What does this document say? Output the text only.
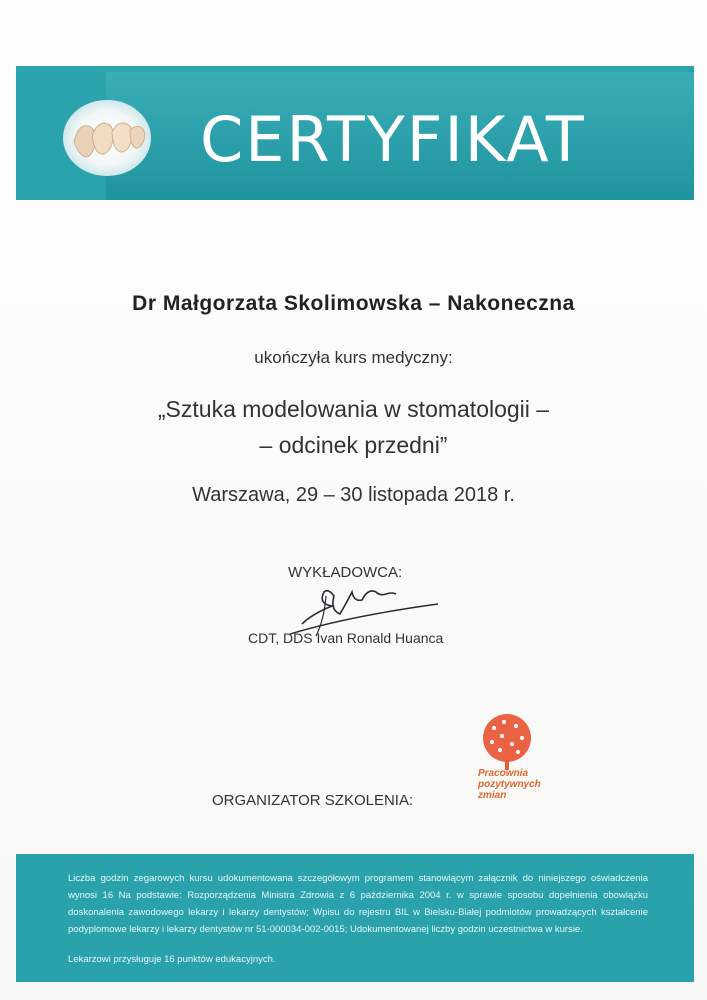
CERTYFIKAT
Dr Małgorzata Skolimowska – Nakoneczna
ukończyła kurs medyczny:
„Sztuka modelowania w stomatologii –
– odcinek przedni”
Warszawa, 29 – 30 listopada 2018 r.
WYKŁADOWCA:
CDT, DDS Ivan Ronald Huanca
Pracownia
pozytywnych
zmian
ORGANIZATOR SZKOLENIA:
Liczba godzin zegarowych kursu udokumentowana szczegółowym programem stanowiącym załącznik do niniejszego oświadczenia wynosi 16 Na podstawie: Rozporządzenia Ministra Zdrowia z 6 października 2004 r. w sprawie sposobu dopełnienia obowiązku doskonalenia zawodowego lekarzy i lekarzy dentystów; Wpisu do rejestru BIL w Bielsku-Białej podmiotów prowadzących kształcenie podyplomowe lekarzy i lekarzy dentystów nr 51-000034-002-0015; Udokumentowanej liczby godzin uczestnictwa w kursie.
Lekarzowi przysługuje 16 punktów edukacyjnych.
